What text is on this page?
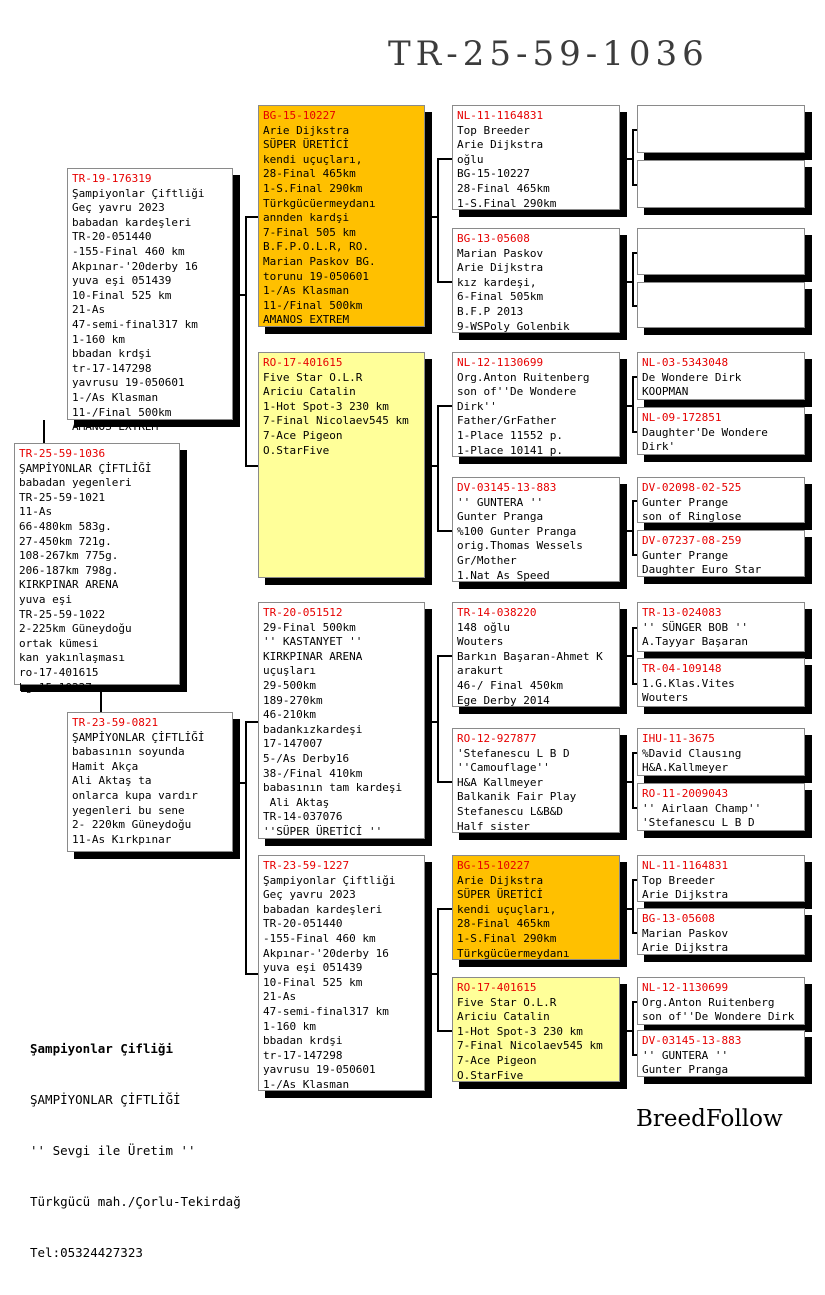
TR-25-59-1036
BreedFollow

Şampiyonlar Çifliği

ŞAMPİYONLAR ÇİFTLİĞİ

'' Sevgi ile Üretim ''

Türkgücü mah./Çorlu-Tekirdağ

Tel:05324427323

TR-19-176319
Şampiyonlar Çiftliği
Geç yavru 2023
babadan kardeşleri
TR-20-051440
-155-Final 460 km
Akpınar-'20derby 16
yuva eşi 051439
10-Final 525 km
21-As
47-semi-final317 km
1-160 km
bbadan krdşi
tr-17-147298
yavrusu 19-050601
1-/As Klasman
11-/Final 500km
AMANOS EXTREM
TR-25-59-1036
ŞAMPİYONLAR ÇİFTLİĞİ
babadan yegenleri
TR-25-59-1021
11-As
66-480km 583g.
27-450km 721g.
108-267km 775g.
206-187km 798g.
KIRKPINAR ARENA
yuva eşi
TR-25-59-1022
2-225km Güneydoğu
ortak kümesi
kan yakınlaşması
ro-17-401615
bg-15-10227
TR-23-59-0821
ŞAMPİYONLAR ÇİFTLİĞİ
babasının soyunda
Hamit Akça
Ali Aktaş ta
onlarca kupa vardır
yegenleri bu sene
2- 220km Güneydoğu
11-As Kırkpınar
BG-15-10227
Arie Dijkstra
SÜPER ÜRETİCİ
kendi uçuçları,
28-Final 465km
1-S.Final 290km
Türkgücüermeydanı
annden kardşi
7-Final 505 km
B.F.P.O.L.R, RO.
Marian Paskov BG.
torunu 19-050601
1-/As Klasman
11-/Final 500km
AMANOS EXTREM
RO-17-401615
Five Star O.L.R
Ariciu Catalin
1-Hot Spot-3 230 km
7-Final Nicolaev545 km
7-Ace Pigeon
O.StarFive
TR-20-051512
29-Final 500km
'' KASTANYET ''
KIRKPINAR ARENA
uçuşları
29-500km
189-270km
46-210km
badankızkardeşi
17-147007
5-/As Derby16
38-/Final 410km
babasının tam kardeşi
Ali Aktaş
TR-14-037076
''SÜPER ÜRETİCİ ''
TR-23-59-1227
Şampiyonlar Çiftliği
Geç yavru 2023
babadan kardeşleri
TR-20-051440
-155-Final 460 km
Akpınar-'20derby 16
yuva eşi 051439
10-Final 525 km
21-As
47-semi-final317 km
1-160 km
bbadan krdşi
tr-17-147298
yavrusu 19-050601
1-/As Klasman
NL-11-1164831
Top Breeder
Arie Dijkstra
oğlu
BG-15-10227
28-Final 465km
1-S.Final 290km
BG-13-05608
Marian Paskov
Arie Dijkstra
kız kardeşi,
6-Final 505km
B.F.P 2013
9-WSPoly Golenbik
NL-12-1130699
Org.Anton Ruitenberg
son of''De Wondere
Dirk''
Father/GrFather
1-Place 11552 p.
1-Place 10141 p.
DV-03145-13-883
'' GUNTERA ''
Gunter Pranga
%100 Gunter Pranga
orig.Thomas Wessels
Gr/Mother
1.Nat As Speed
TR-14-038220
148 oğlu
Wouters
Barkın Başaran-Ahmet K
arakurt
46-/ Final 450km
Ege Derby 2014
RO-12-927877
'Stefanescu L B D
''Camouflage''
H&A Kallmeyer
Balkanik Fair Play
Stefanescu L&B&D
Half sister
BG-15-10227
Arie Dijkstra
SÜPER ÜRETİCİ
kendi uçuçları,
28-Final 465km
1-S.Final 290km
Türkgücüermeydanı
RO-17-401615
Five Star O.L.R
Ariciu Catalin
1-Hot Spot-3 230 km
7-Final Nicolaev545 km
7-Ace Pigeon
O.StarFive
NL-03-5343048
De Wondere Dirk
KOOPMAN
NL-09-172851
Daughter'De Wondere
Dirk'
DV-02098-02-525
Gunter Prange
son of Ringlose
DV-07237-08-259
Gunter Prange
Daughter Euro Star
TR-13-024083
'' SÜNGER BOB ''
A.Tayyar Başaran
TR-04-109148
1.G.Klas.Vites
Wouters
IHU-11-3675
%David Clausıng
H&A.Kallmeyer
RO-11-2009043
'' Airlaan Champ''
'Stefanescu L B D
NL-11-1164831
Top Breeder
Arie Dijkstra
BG-13-05608
Marian Paskov
Arie Dijkstra
NL-12-1130699
Org.Anton Ruitenberg
son of''De Wondere Dirk
DV-03145-13-883
'' GUNTERA ''
Gunter Pranga
